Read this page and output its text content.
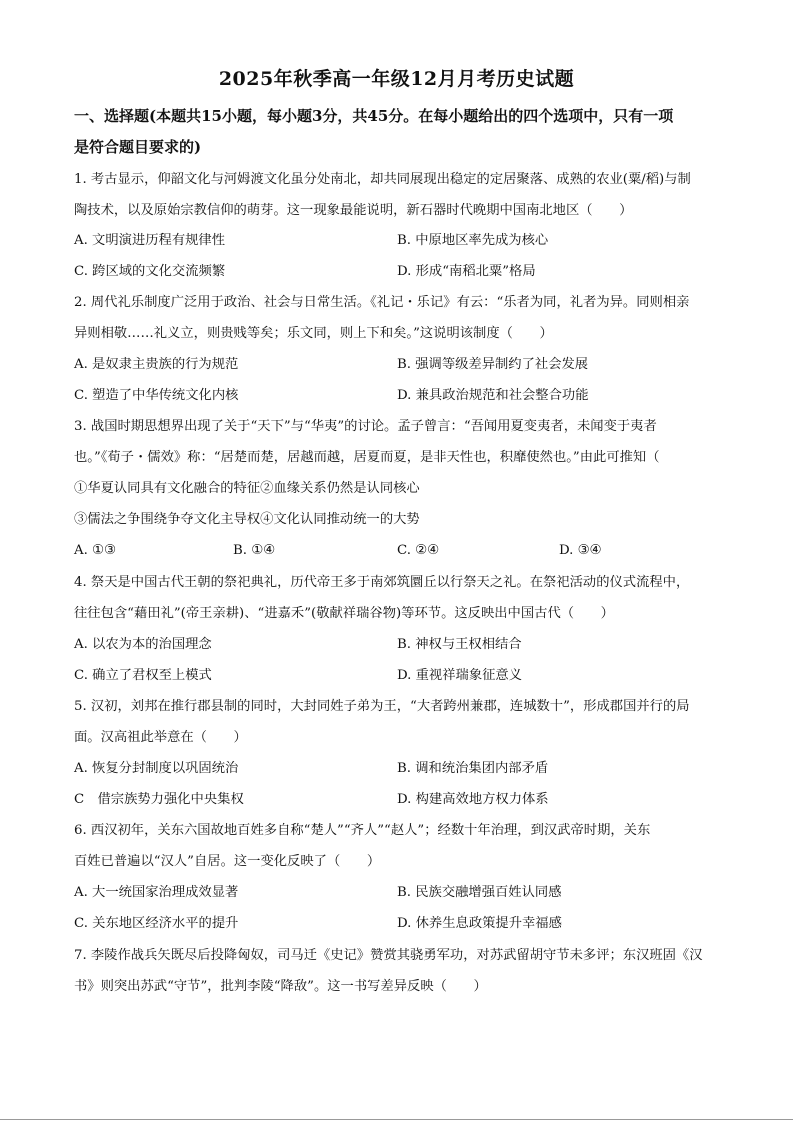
2025年秋季高一年级12月月考历史试题
一、选择题(本题共15小题，每小题3分，共45分。在每小题给出的四个选项中，只有一项
是符合题目要求的)
1. 考古显示，仰韶文化与河姆渡文化虽分处南北，却共同展现出稳定的定居聚落、成熟的农业(粟/稻)与制
陶技术，以及原始宗教信仰的萌芽。这一现象最能说明，新石器时代晚期中国南北地区（　　）
A. 文明演进历程有规律性	B. 中原地区率先成为核心
C. 跨区域的文化交流频繁	D. 形成“南稻北粟”格局
2. 周代礼乐制度广泛用于政治、社会与日常生活。《礼记・乐记》有云：“乐者为同，礼者为异。同则相亲
异则相敬……礼义立，则贵贱等矣；乐文同，则上下和矣。”这说明该制度（　　）
A. 是奴隶主贵族的行为规范	B. 强调等级差异制约了社会发展
C. 塑造了中华传统文化内核	D. 兼具政治规范和社会整合功能
3. 战国时期思想界出现了关于“天下”与“华夷”的讨论。孟子曾言：“吾闻用夏变夷者，未闻变于夷者
也。”《荀子・儒效》称：“居楚而楚，居越而越，居夏而夏，是非天性也，积靡使然也。”由此可推知（
①华夏认同具有文化融合的特征②血缘关系仍然是认同核心
③儒法之争围绕争夺文化主导权④文化认同推动统一的大势
A. ①③	B. ①④	C. ②④	D. ③④
4. 祭天是中国古代王朝的祭祀典礼，历代帝王多于南郊筑圜丘以行祭天之礼。在祭祀活动的仪式流程中，
往往包含“藉田礼”(帝王亲耕)、“进嘉禾”(敬献祥瑞谷物)等环节。这反映出中国古代（　　）
A. 以农为本的治国理念	B. 神权与王权相结合
C. 确立了君权至上模式	D. 重视祥瑞象征意义
5. 汉初，刘邦在推行郡县制的同时，大封同姓子弟为王，“大者跨州兼郡，连城数十”，形成郡国并行的局
面。汉高祖此举意在（　　）
A. 恢复分封制度以巩固统治	B. 调和统治集团内部矛盾
C　借宗族势力强化中央集权	D. 构建高效地方权力体系
6. 西汉初年，关东六国故地百姓多自称“楚人”“齐人”“赵人”；经数十年治理，到汉武帝时期，关东
百姓已普遍以“汉人”自居。这一变化反映了（　　）
A. 大一统国家治理成效显著	B. 民族交融增强百姓认同感
C. 关东地区经济水平的提升	D. 休养生息政策提升幸福感
7. 李陵作战兵矢既尽后投降匈奴，司马迁《史记》赞赏其骁勇军功，对苏武留胡守节未多评；东汉班固《汉
书》则突出苏武“守节”，批判李陵“降敌”。这一书写差异反映（　　）
